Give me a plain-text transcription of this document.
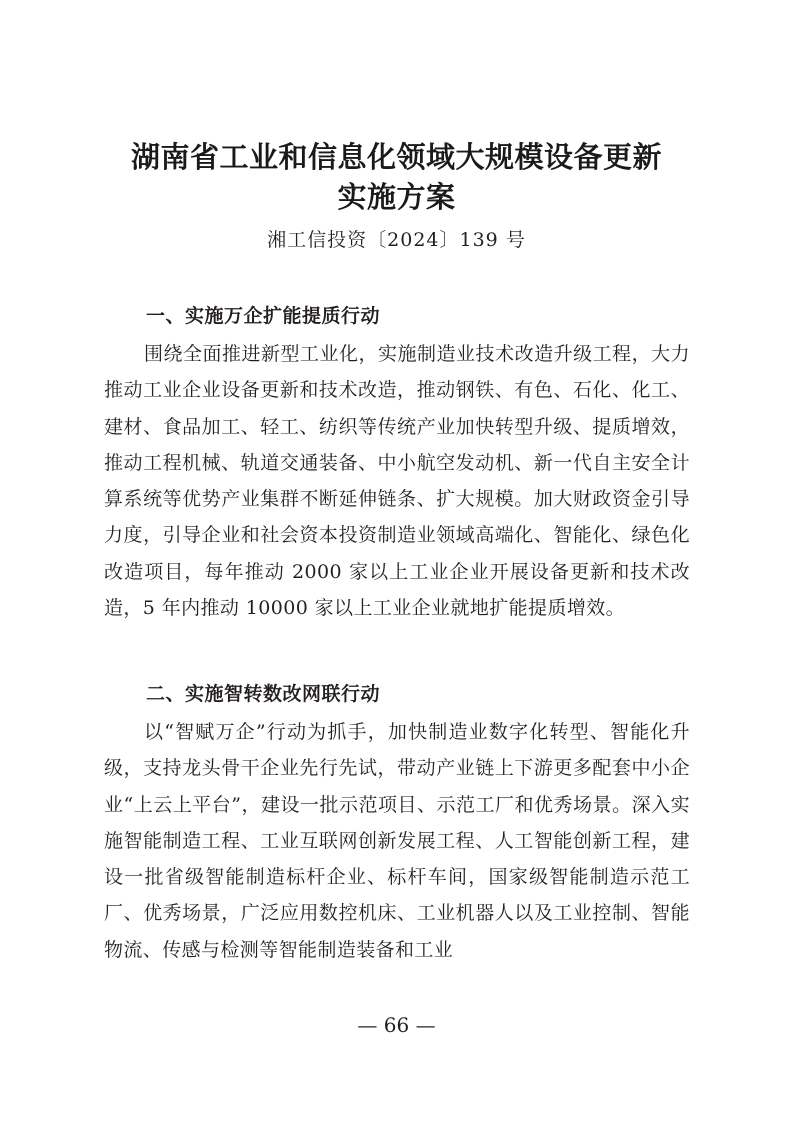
湖南省工业和信息化领域大规模设备更新
实施方案
湘工信投资〔2024〕139 号
一、实施万企扩能提质行动

围绕全面推进新型工业化，实施制造业技术改造升级工程，大力推动工业企业设备更新和技术改造，推动钢铁、有色、石化、化工、建材、食品加工、轻工、纺织等传统产业加快转型升级、提质增效，推动工程机械、轨道交通装备、中小航空发动机、新一代自主安全计算系统等优势产业集群不断延伸链条、扩大规模。加大财政资金引导力度，引导企业和社会资本投资制造业领域高端化、智能化、绿色化改造项目，每年推动 2000 家以上工业企业开展设备更新和技术改造，5 年内推动 10000 家以上工业企业就地扩能提质增效。

二、实施智转数改网联行动

以“智赋万企”行动为抓手，加快制造业数字化转型、智能化升级，支持龙头骨干企业先行先试，带动产业链上下游更多配套中小企业“上云上平台”，建设一批示范项目、示范工厂和优秀场景。深入实施智能制造工程、工业互联网创新发展工程、人工智能创新工程，建设一批省级智能制造标杆企业、标杆车间，国家级智能制造示范工厂、优秀场景，广泛应用数控机床、工业机器人以及工业控制、智能物流、传感与检测等智能制造装备和工业

— 66 —
